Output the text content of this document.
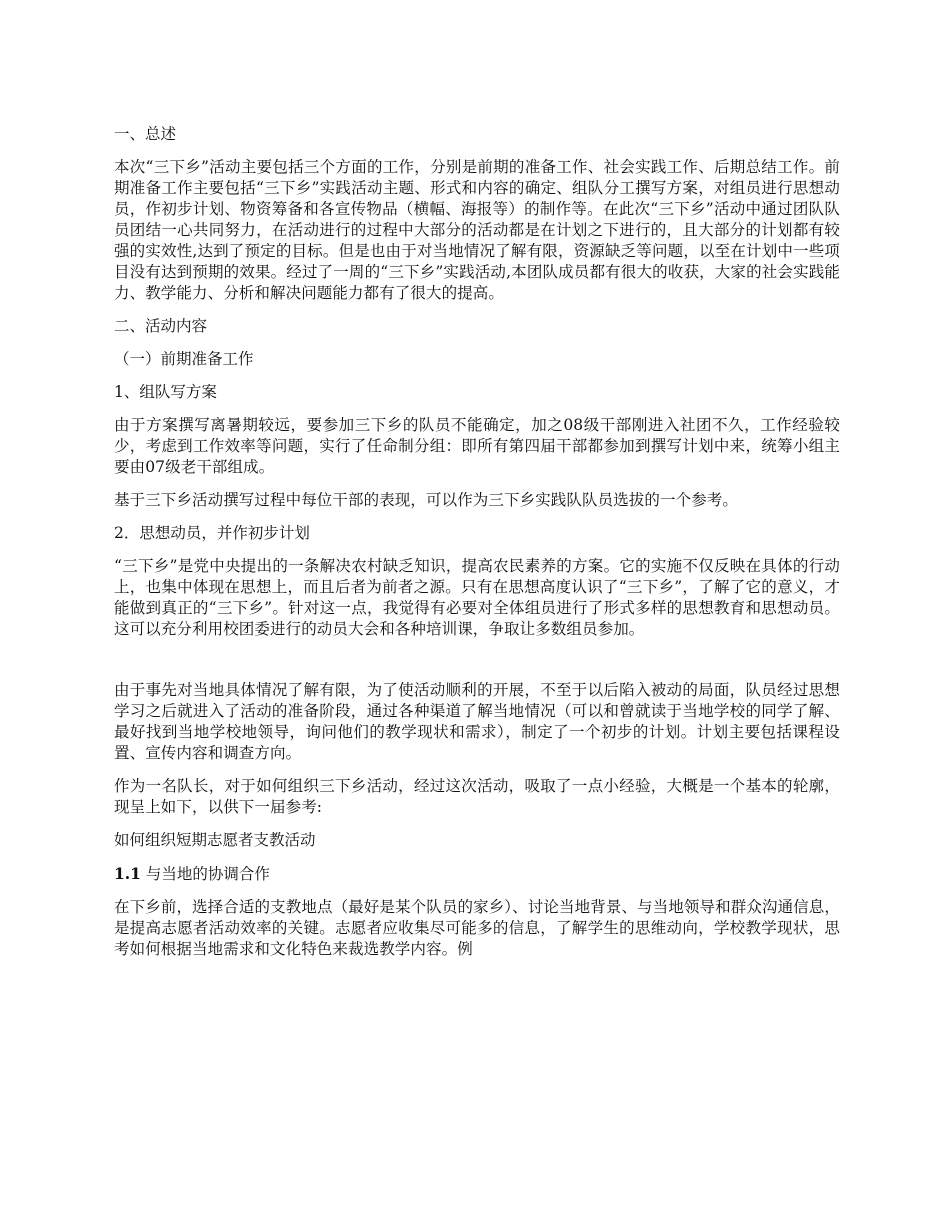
一、总述

本次“三下乡”活动主要包括三个方面的工作，分别是前期的准备工作、社会实践工作、后期总结工作。前期准备工作主要包括“三下乡”实践活动主题、形式和内容的确定、组队分工撰写方案，对组员进行思想动员，作初步计划、物资筹备和各宣传物品（横幅、海报等）的制作等。在此次“三下乡”活动中通过团队队员团结一心共同努力，在活动进行的过程中大部分的活动都是在计划之下进行的，且大部分的计划都有较强的实效性,达到了预定的目标。但是也由于对当地情况了解有限，资源缺乏等问题，以至在计划中一些项目没有达到预期的效果。经过了一周的“三下乡”实践活动,本团队成员都有很大的收获，大家的社会实践能力、教学能力、分析和解决问题能力都有了很大的提高。

二、活动内容

（一）前期准备工作

1、组队写方案

由于方案撰写离暑期较远，要参加三下乡的队员不能确定，加之08级干部刚进入社团不久，工作经验较少，考虑到工作效率等问题，实行了任命制分组：即所有第四届干部都参加到撰写计划中来，统筹小组主要由07级老干部组成。

基于三下乡活动撰写过程中每位干部的表现，可以作为三下乡实践队队员选拔的一个参考。

2．思想动员，并作初步计划

“三下乡”是党中央提出的一条解决农村缺乏知识，提高农民素养的方案。它的实施不仅反映在具体的行动上，也集中体现在思想上，而且后者为前者之源。只有在思想高度认识了“三下乡”，了解了它的意义，才能做到真正的“三下乡”。针对这一点，我觉得有必要对全体组员进行了形式多样的思想教育和思想动员。这可以充分利用校团委进行的动员大会和各种培训课，争取让多数组员参加。

由于事先对当地具体情况了解有限，为了使活动顺利的开展，不至于以后陷入被动的局面，队员经过思想学习之后就进入了活动的准备阶段，通过各种渠道了解当地情况（可以和曾就读于当地学校的同学了解、最好找到当地学校地领导，询问他们的教学现状和需求），制定了一个初步的计划。计划主要包括课程设置、宣传内容和调查方向。

作为一名队长，对于如何组织三下乡活动，经过这次活动，吸取了一点小经验，大概是一个基本的轮廓，现呈上如下，以供下一届参考:

如何组织短期志愿者支教活动

1.1 与当地的协调合作

在下乡前，选择合适的支教地点（最好是某个队员的家乡）、讨论当地背景、与当地领导和群众沟通信息，是提高志愿者活动效率的关键。志愿者应收集尽可能多的信息，了解学生的思维动向，学校教学现状，思考如何根据当地需求和文化特色来裁选教学内容。例
